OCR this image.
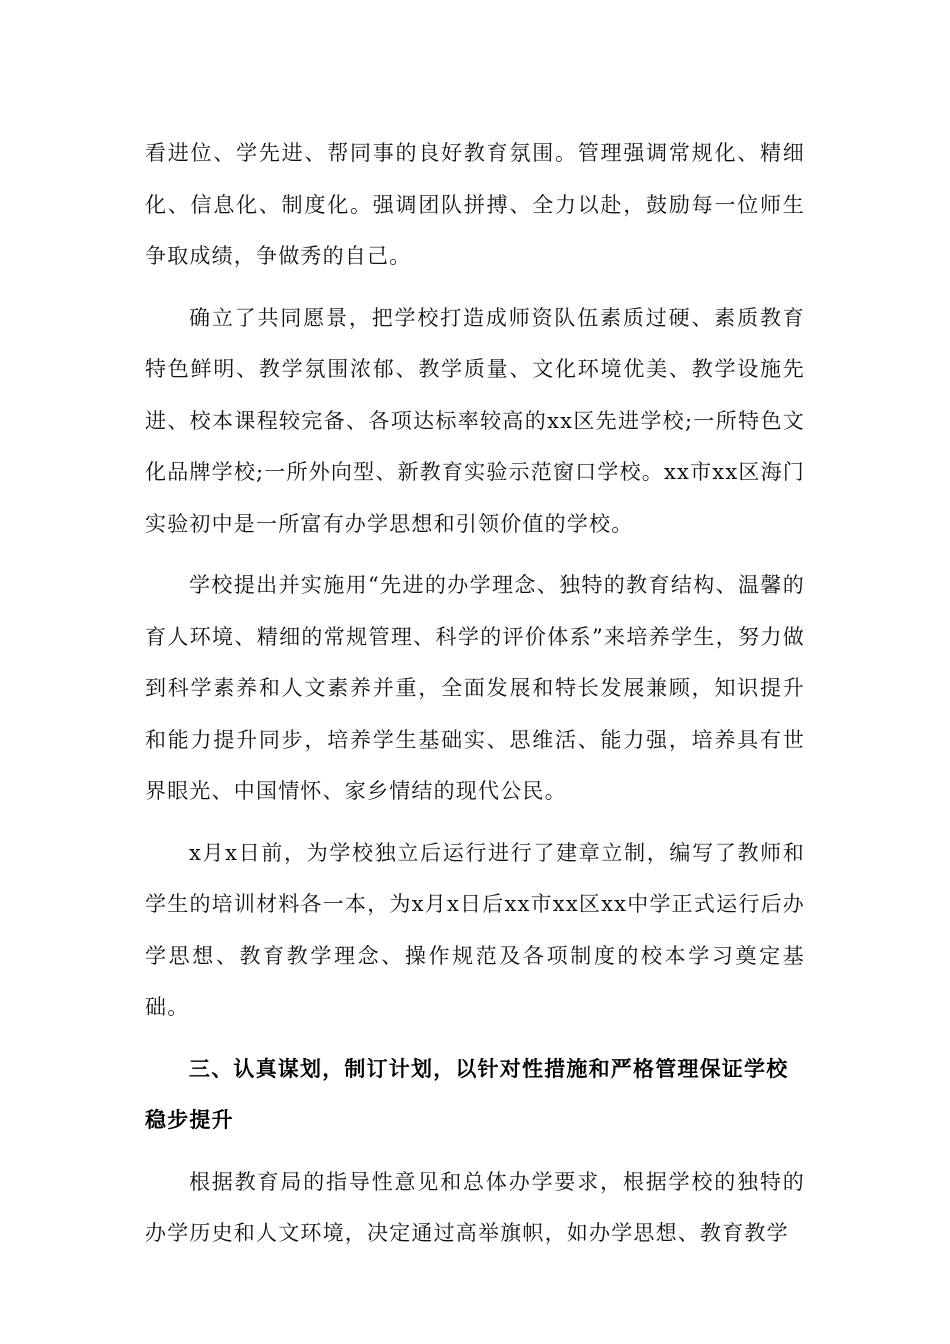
看进位、学先进、帮同事的良好教育氛围。管理强调常规化、精细化、信息化、制度化。强调团队拼搏、全力以赴，鼓励每一位师生争取成绩，争做秀的自己。

确立了共同愿景，把学校打造成师资队伍素质过硬、素质教育特色鲜明、教学氛围浓郁、教学质量、文化环境优美、教学设施先进、校本课程较完备、各项达标率较高的xx区先进学校;一所特色文化品牌学校;一所外向型、新教育实验示范窗口学校。xx市xx区海门实验初中是一所富有办学思想和引领价值的学校。

学校提出并实施用“先进的办学理念、独特的教育结构、温馨的育人环境、精细的常规管理、科学的评价体系”来培养学生，努力做到科学素养和人文素养并重，全面发展和特长发展兼顾，知识提升和能力提升同步，培养学生基础实、思维活、能力强，培养具有世界眼光、中国情怀、家乡情结的现代公民。

x月x日前，为学校独立后运行进行了建章立制，编写了教师和学生的培训材料各一本，为x月x日后xx市xx区xx中学正式运行后办学思想、教育教学理念、操作规范及各项制度的校本学习奠定基础。

三、认真谋划，制订计划，以针对性措施和严格管理保证学校稳步提升

根据教育局的指导性意见和总体办学要求，根据学校的独特的办学历史和人文环境，决定通过高举旗帜，如办学思想、教育教学
